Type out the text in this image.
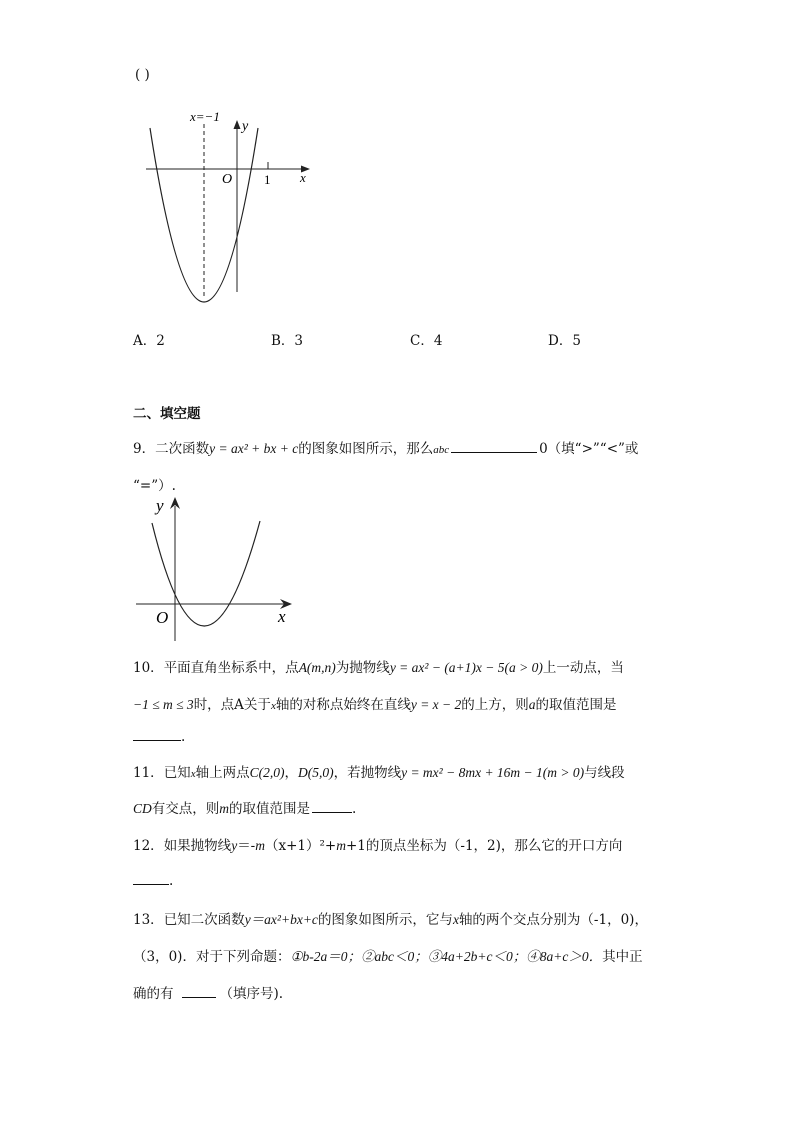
( )
x=−1
y
O 1 x
A．2	B．3	C．4	D．5
二、填空题
9．二次函数y = ax² + bx + c的图象如图所示，那么abc	0（填“>”“<”或
“=”）.
y
O	x
10．平面直角坐标系中，点A(m,n)为抛物线y = ax² − (a+1)x − 5(a > 0)上一动点，当
−1 ≤ m ≤ 3时，点A关于x轴的对称点始终在直线y = x − 2的上方，则a的取值范围是
.
11．已知x轴上两点C(2,0)，D(5,0)，若抛物线y = mx² − 8mx + 16m − 1(m > 0)与线段
CD有交点，则m的取值范围是	.
12．如果抛物线y＝-m（x+1）²+m+1的顶点坐标为（-1，2)，那么它的开口方向
.
13．已知二次函数y＝ax²+bx+c的图象如图所示，它与x轴的两个交点分别为（-1，0)，
（3，0)．对于下列命题：①b-2a＝0；②abc＜0；③4a+2b+c＜0；④8a+c＞0．其中正
确的有	（填序号).
